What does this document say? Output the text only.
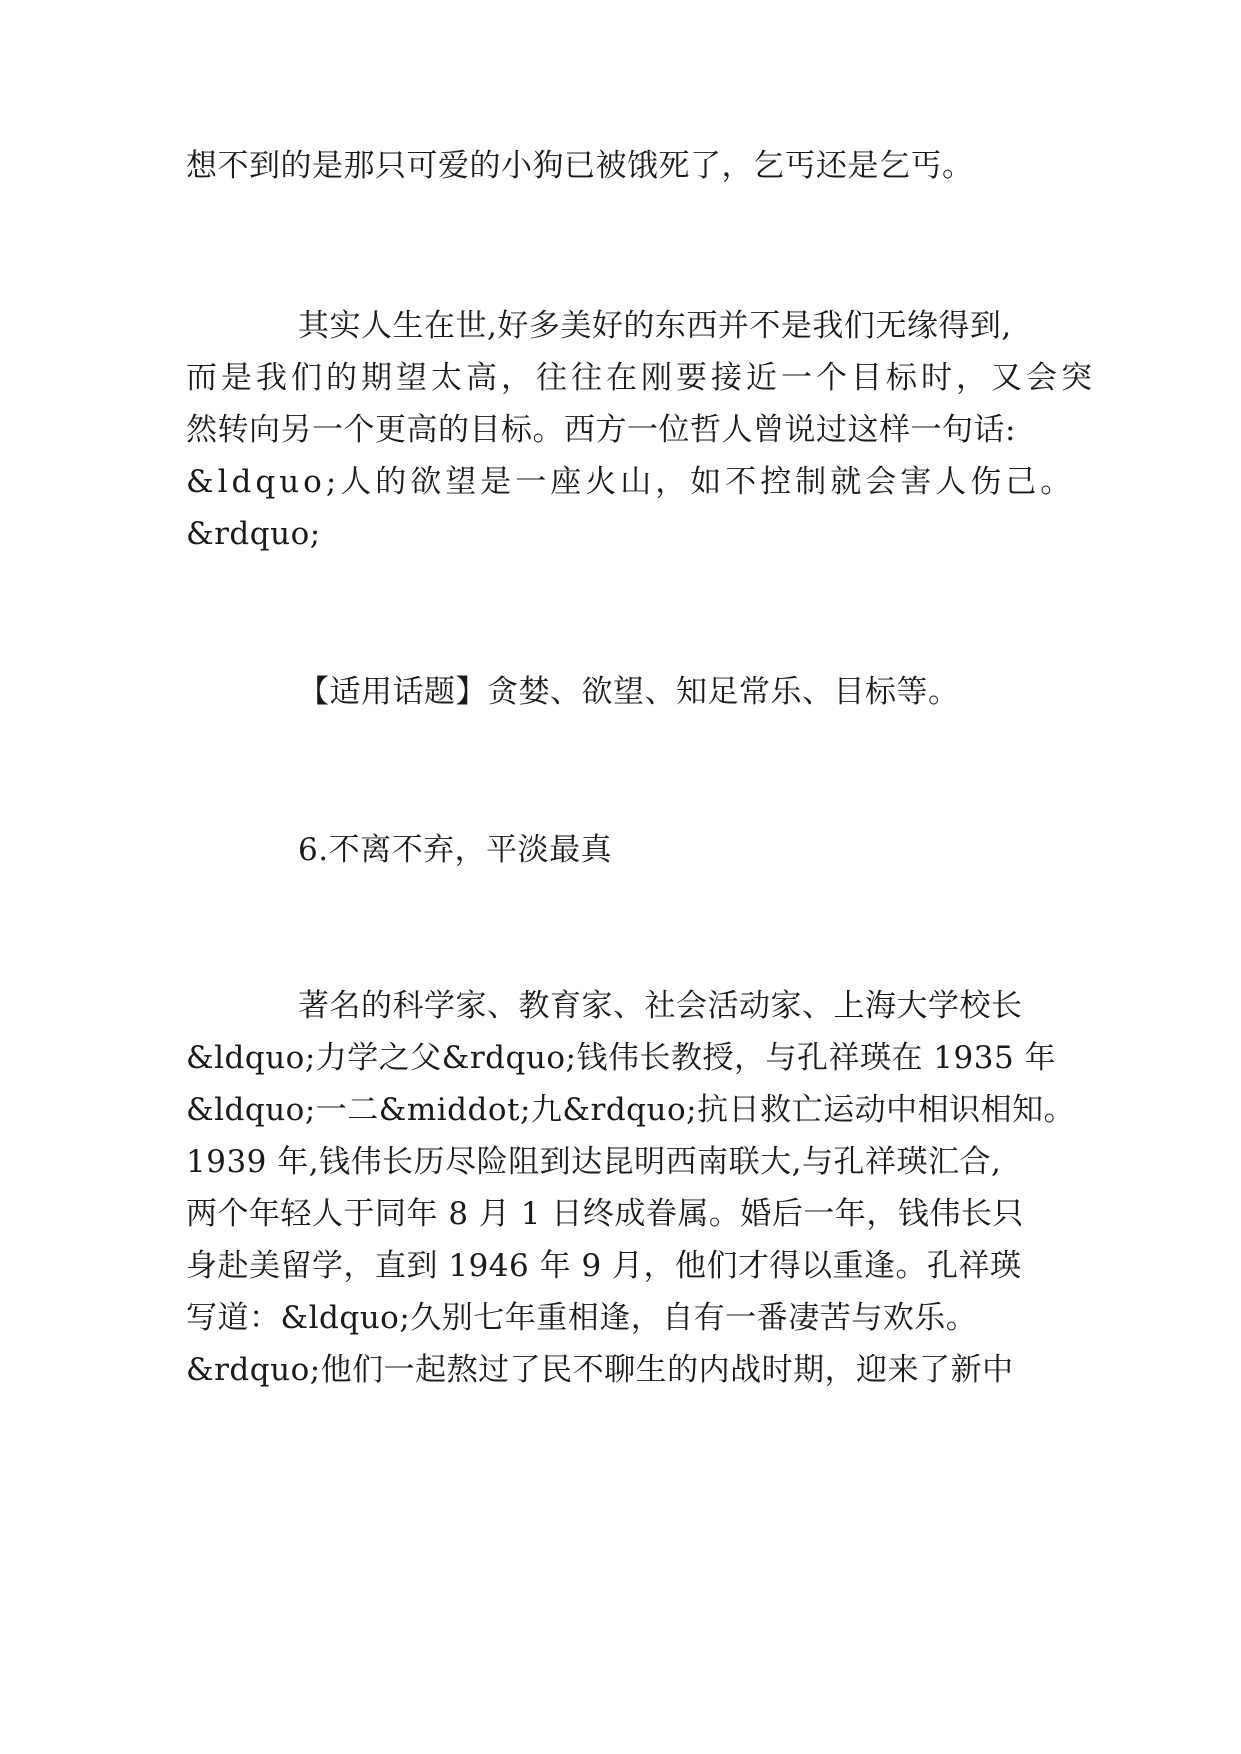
想不到的是那只可爱的小狗已被饿死了，乞丐还是乞丐。
其实人生在世,好多美好的东西并不是我们无缘得到,
而是我们的期望太高，往往在刚要接近一个目标时，又会突
然转向另一个更高的目标。西方一位哲人曾说过这样一句话:
&ldquo;人的欲望是一座火山，如不控制就会害人伤己。
&rdquo;
【适用话题】贪婪、欲望、知足常乐、目标等。
6.不离不弃，平淡最真
著名的科学家、教育家、社会活动家、上海大学校长
&ldquo;力学之父&rdquo;钱伟长教授，与孔祥瑛在 1935 年
&ldquo;一二&middot;九&rdquo;抗日救亡运动中相识相知。
1939 年,钱伟长历尽险阻到达昆明西南联大,与孔祥瑛汇合,
两个年轻人于同年 8 月 1 日终成眷属。婚后一年，钱伟长只
身赴美留学，直到 1946 年 9 月，他们才得以重逢。孔祥瑛
写道：&ldquo;久别七年重相逢，自有一番凄苦与欢乐。
&rdquo;他们一起熬过了民不聊生的内战时期，迎来了新中
